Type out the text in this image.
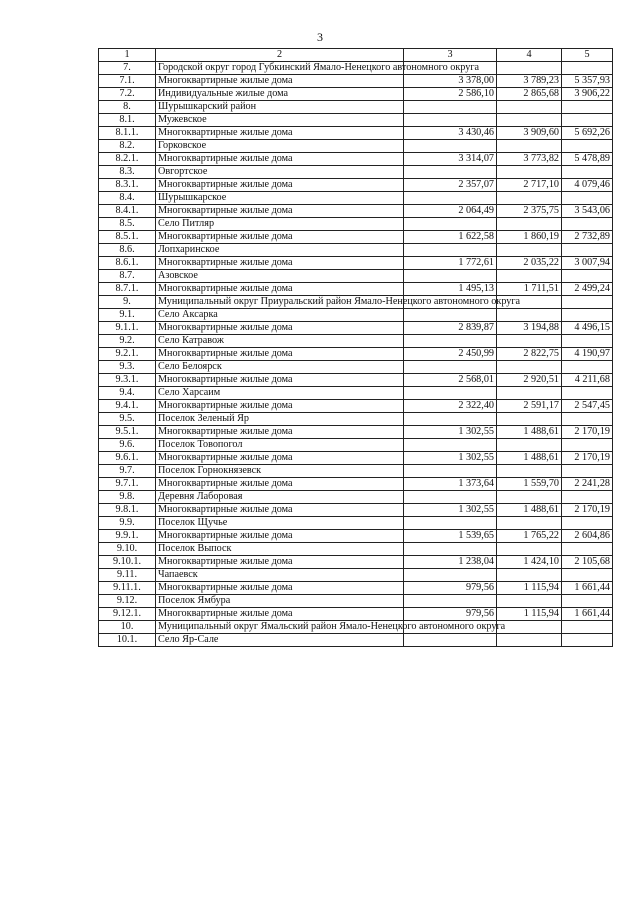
3
1	2	3	4	5
7.	Городской округ город Губкинский Ямало-Ненецкого автономного округа			
7.1.	Многоквартирные жилые дома	3 378,00	3 789,23	5 357,93
7.2.	Индивидуальные жилые дома	2 586,10	2 865,68	3 906,22
8.	Шурышкарский район			
8.1.	Мужевское			
8.1.1.	Многоквартирные жилые дома	3 430,46	3 909,60	5 692,26
8.2.	Горковское			
8.2.1.	Многоквартирные жилые дома	3 314,07	3 773,82	5 478,89
8.3.	Овгортское			
8.3.1.	Многоквартирные жилые дома	2 357,07	2 717,10	4 079,46
8.4.	Шурышкарское			
8.4.1.	Многоквартирные жилые дома	2 064,49	2 375,75	3 543,06
8.5.	Село Питляр			
8.5.1.	Многоквартирные жилые дома	1 622,58	1 860,19	2 732,89
8.6.	Лопхаринское			
8.6.1.	Многоквартирные жилые дома	1 772,61	2 035,22	3 007,94
8.7.	Азовское			
8.7.1.	Многоквартирные жилые дома	1 495,13	1 711,51	2 499,24
9.	Муниципальный округ Приуральский район Ямало-Ненецкого автономного округа			
9.1.	Село Аксарка			
9.1.1.	Многоквартирные жилые дома	2 839,87	3 194,88	4 496,15
9.2.	Село Катравож			
9.2.1.	Многоквартирные жилые дома	2 450,99	2 822,75	4 190,97
9.3.	Село Белоярск			
9.3.1.	Многоквартирные жилые дома	2 568,01	2 920,51	4 211,68
9.4.	Село Харсаим			
9.4.1.	Многоквартирные жилые дома	2 322,40	2 591,17	2 547,45
9.5.	Поселок Зеленый Яр			
9.5.1.	Многоквартирные жилые дома	1 302,55	1 488,61	2 170,19
9.6.	Поселок Товопогол			
9.6.1.	Многоквартирные жилые дома	1 302,55	1 488,61	2 170,19
9.7.	Поселок Горнокнязевск			
9.7.1.	Многоквартирные жилые дома	1 373,64	1 559,70	2 241,28
9.8.	Деревня Лаборовая			
9.8.1.	Многоквартирные жилые дома	1 302,55	1 488,61	2 170,19
9.9.	Поселок Щучье			
9.9.1.	Многоквартирные жилые дома	1 539,65	1 765,22	2 604,86
9.10.	Поселок Выпоск			
9.10.1.	Многоквартирные жилые дома	1 238,04	1 424,10	2 105,68
9.11.	Чапаевск			
9.11.1.	Многоквартирные жилые дома	979,56	1 115,94	1 661,44
9.12.	Поселок Ямбура			
9.12.1.	Многоквартирные жилые дома	979,56	1 115,94	1 661,44
10.	Муниципальный округ Ямальский район Ямало-Ненецкого автономного округа			
10.1.	Село Яр-Сале			
